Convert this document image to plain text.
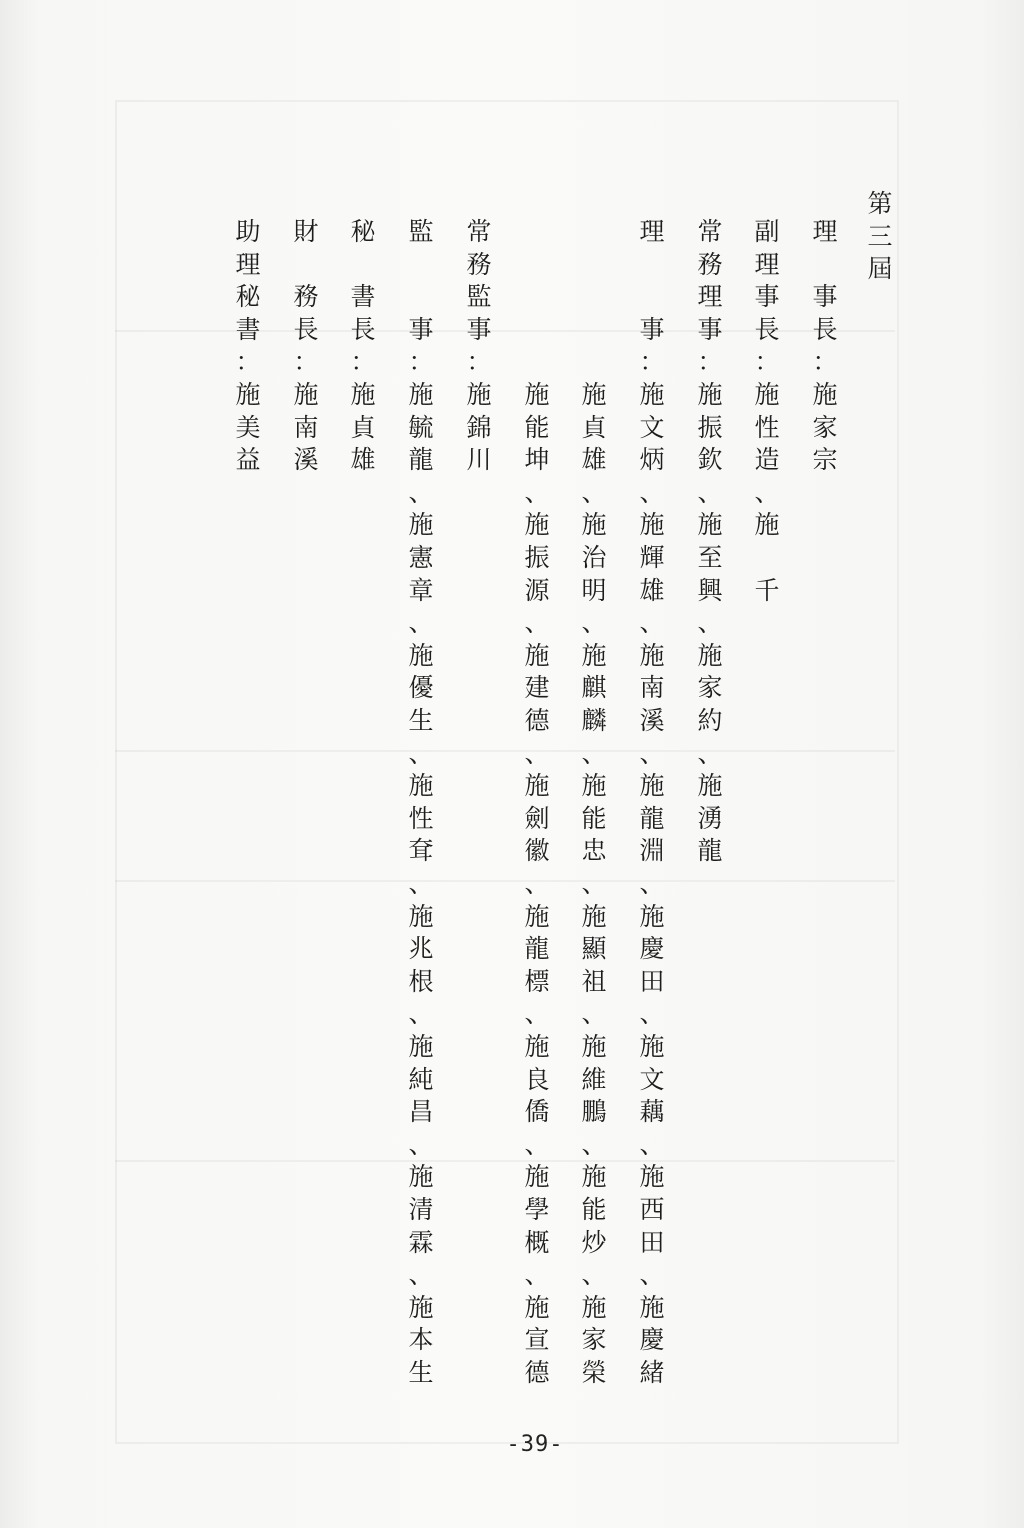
第
三
屆
理
事
長
：
施
家
宗
副
理
事
長
：
施
性
造
、
施
千
常
務
理
事
：
施
振
欽
、
施
至
興
、
施
家
約
、
施
湧
龍
理
事
：
施
文
炳
、
施
輝
雄
、
施
南
溪
、
施
龍
淵
、
施
慶
田
、
施
文
藕
、
施
西
田
、
施
慶
緒
施
貞
雄
、
施
治
明
、
施
麒
麟
、
施
能
忠
、
施
顯
祖
、
施
維
鵬
、
施
能
炒
、
施
家
榮
施
能
坤
、
施
振
源
、
施
建
德
、
施
劍
徽
、
施
龍
標
、
施
良
僑
、
施
學
概
、
施
宣
德
常
務
監
事
：
施
錦
川
監
事
：
施
毓
龍
、
施
憲
章
、
施
優
生
、
施
性
耷
、
施
兆
根
、
施
純
昌
、
施
清
霖
、
施
本
生
秘
書
長
：
施
貞
雄
財
務
長
：
施
南
溪
助
理
秘
書
：
施
美
益
-39-
